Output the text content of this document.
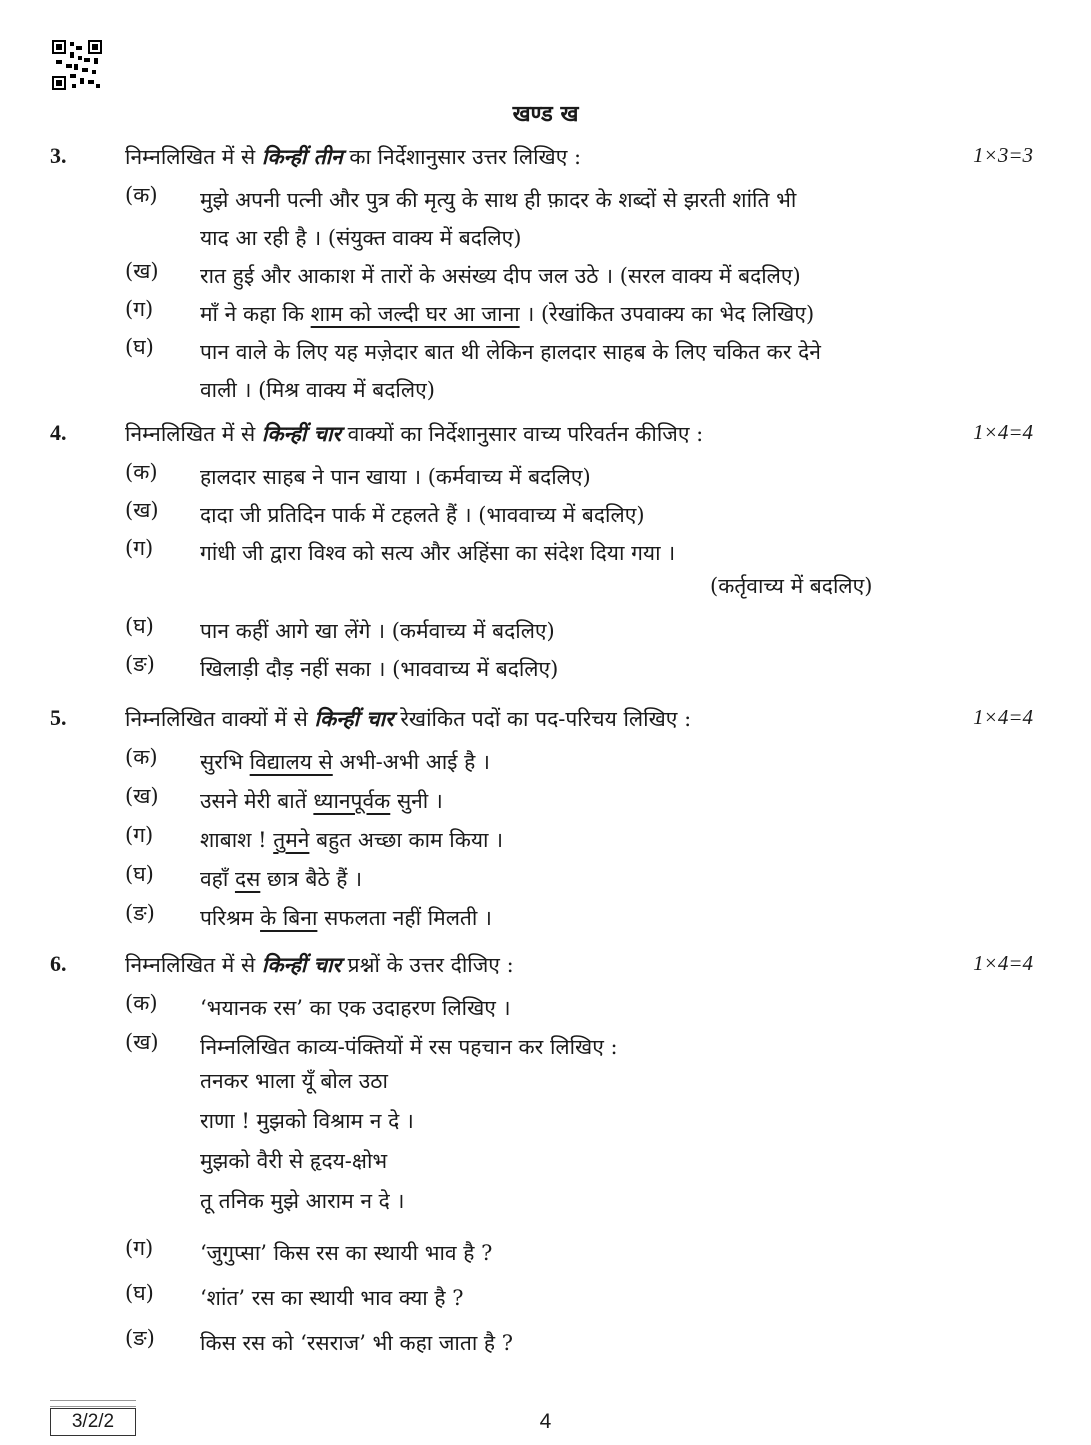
खण्ड ख
3.	निम्नलिखित में से किन्हीं तीन का निर्देशानुसार उत्तर लिखिए :	1×3=3
(क) मुझे अपनी पत्नी और पुत्र की मृत्यु के साथ ही फ़ादर के शब्दों से झरती शांति भी
याद आ रही है । (संयुक्त वाक्य में बदलिए)
(ख) रात हुई और आकाश में तारों के असंख्य दीप जल उठे । (सरल वाक्य में बदलिए)
(ग) माँ ने कहा कि शाम को जल्दी घर आ जाना । (रेखांकित उपवाक्य का भेद लिखिए)
(घ) पान वाले के लिए यह मज़ेदार बात थी लेकिन हालदार साहब के लिए चकित कर देने
वाली । (मिश्र वाक्य में बदलिए)
4.	निम्नलिखित में से किन्हीं चार वाक्यों का निर्देशानुसार वाच्य परिवर्तन कीजिए :	1×4=4
(क) हालदार साहब ने पान खाया । (कर्मवाच्य में बदलिए)
(ख) दादा जी प्रतिदिन पार्क में टहलते हैं । (भाववाच्य में बदलिए)
(ग) गांधी जी द्वारा विश्व को सत्य और अहिंसा का संदेश दिया गया ।
(कर्तृवाच्य में बदलिए)
(घ) पान कहीं आगे खा लेंगे । (कर्मवाच्य में बदलिए)
(ङ) खिलाड़ी दौड़ नहीं सका । (भाववाच्य में बदलिए)
5.	निम्नलिखित वाक्यों में से किन्हीं चार रेखांकित पदों का पद-परिचय लिखिए :	1×4=4
(क) सुरभि विद्यालय से अभी-अभी आई है ।
(ख) उसने मेरी बातें ध्यानपूर्वक सुनी ।
(ग) शाबाश ! तुमने बहुत अच्छा काम किया ।
(घ) वहाँ दस छात्र बैठे हैं ।
(ङ) परिश्रम के बिना सफलता नहीं मिलती ।
6.	निम्नलिखित में से किन्हीं चार प्रश्नों के उत्तर दीजिए :	1×4=4
(क) ‘भयानक रस’ का एक उदाहरण लिखिए ।
(ख) निम्नलिखित काव्य-पंक्तियों में रस पहचान कर लिखिए :
तनकर भाला यूँ बोल उठा
राणा ! मुझको विश्राम न दे ।
मुझको वैरी से हृदय-क्षोभ
तू तनिक मुझे आराम न दे ।
(ग) ‘जुगुप्सा’ किस रस का स्थायी भाव है ?
(घ) ‘शांत’ रस का स्थायी भाव क्या है ?
(ङ) किस रस को ‘रसराज’ भी कहा जाता है ?
3/2/2	4
